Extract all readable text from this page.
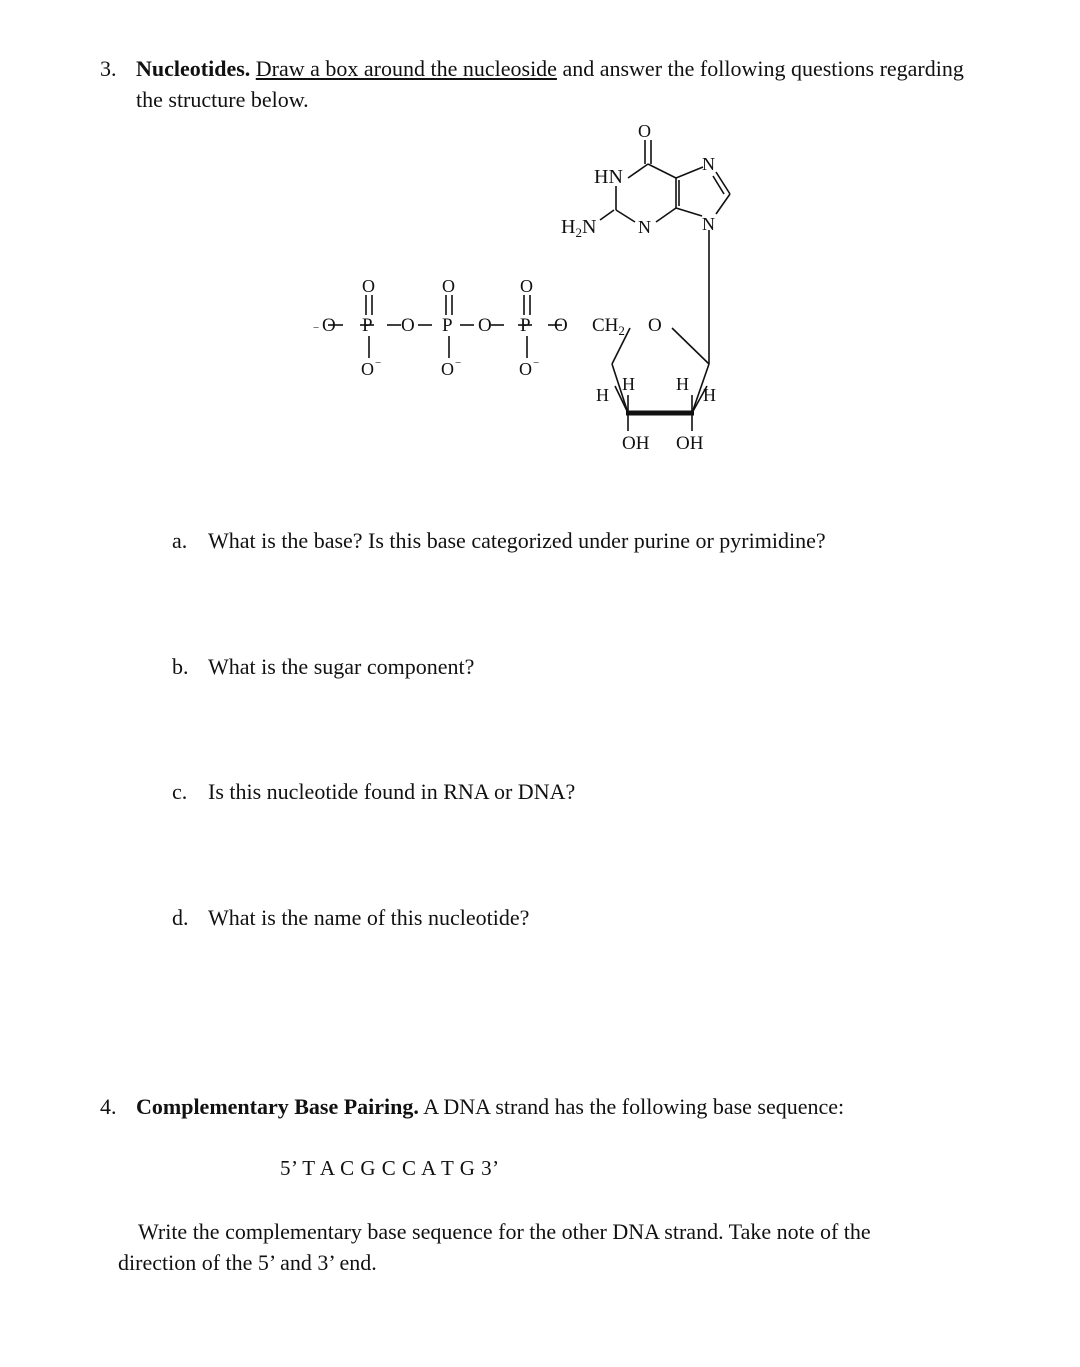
3. Nucleotides. Draw a box around the nucleoside and answer the following questions regarding the structure below.
O
HN
N
$H_2N$ N	N
− O P O P O P O $CH_2$ O
O	O	O
O −	O −	O −
H
H H
H
OH OH
a. What is the base? Is this base categorized under purine or pyrimidine?
b. What is the sugar component?
c. Is this nucleotide found in RNA or DNA?
d. What is the name of this nucleotide?
4. Complementary Base Pairing. A DNA strand has the following base sequence:
5’ T A C G C C A T G 3’
Write the complementary base sequence for the other DNA strand. Take note of the direction of the 5’ and 3’ end.
